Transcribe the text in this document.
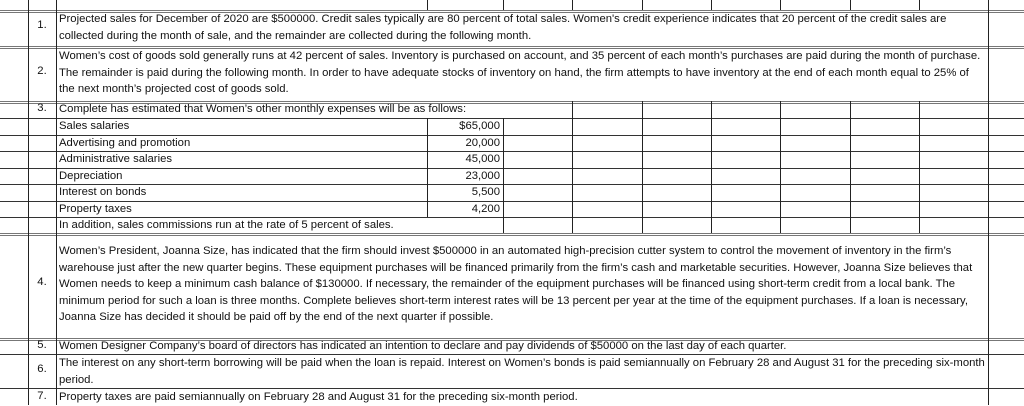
1.	Projected sales for December of 2020 are $500000. Credit sales typically are 80 percent of total sales. Women's credit experience indicates that 20 percent of the credit sales are collected during the month of sale, and the remainder are collected during the following month.
2.
Women’s cost of goods sold generally runs at 42 percent of sales. Inventory is purchased on account, and 35 percent of each month’s purchases are paid during the month of purchase. The remainder is paid during the following month. In order to have adequate stocks of inventory on hand, the firm attempts to have inventory at the end of each month equal to 25% of the next month’s projected cost of goods sold.
3.	Complete has estimated that Women’s other monthly expenses will be as follows:
Sales salaries	$65,000
Advertising and promotion	20,000
Administrative salaries	45,000
Depreciation	23,000
Interest on bonds	5,500
Property taxes	4,200
In addition, sales commissions run at the rate of 5 percent of sales.
4.
Women’s President, Joanna Size, has indicated that the firm should invest $500000 in an automated high-precision cutter system to control the movement of inventory in the firm’s warehouse just after the new quarter begins. These equipment purchases will be financed primarily from the firm’s cash and marketable securities. However, Joanna Size believes that Women needs to keep a minimum cash balance of $130000. If necessary, the remainder of the equipment purchases will be financed using short-term credit from a local bank. The minimum period for such a loan is three months. Complete believes short-term interest rates will be 13 percent per year at the time of the equipment purchases. If a loan is necessary, Joanna Size has decided it should be paid off by the end of the next quarter if possible.
5.	Women Designer Company’s board of directors has indicated an intention to declare and pay dividends of $50000 on the last day of each quarter.
6.	The interest on any short-term borrowing will be paid when the loan is repaid. Interest on Women’s bonds is paid semiannually on February 28 and August 31 for the preceding six-month period.
7.	Property taxes are paid semiannually on February 28 and August 31 for the preceding six-month period.
